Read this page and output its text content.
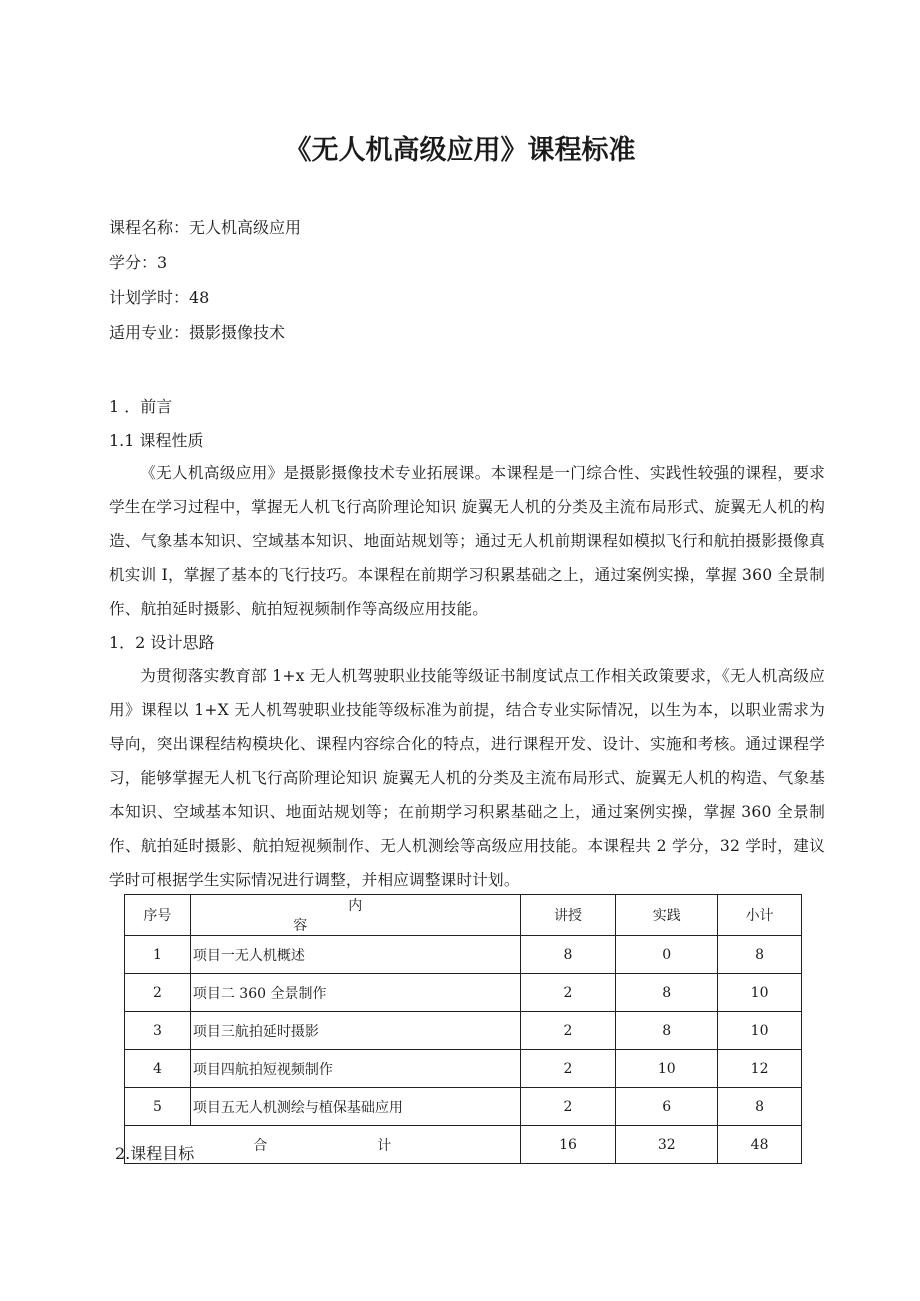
《无人机高级应用》课程标准
课程名称：无人机高级应用
学分：3
计划学时：48
适用专业：摄影摄像技术
1 ．前言
1.1 课程性质
《无人机高级应用》是摄影摄像技术专业拓展课。本课程是一门综合性、实践性较强的课程，要求学生在学习过程中，掌握无人机飞行高阶理论知识 旋翼无人机的分类及主流布局形式、旋翼无人机的构造、气象基本知识、空域基本知识、地面站规划等；通过无人机前期课程如模拟飞行和航拍摄影摄像真机实训 I，掌握了基本的飞行技巧。本课程在前期学习积累基础之上，通过案例实操，掌握 360 全景制作、航拍延时摄影、航拍短视频制作等高级应用技能。
1．2 设计思路
为贯彻落实教育部 1+x 无人机驾驶职业技能等级证书制度试点工作相关政策要求，《无人机高级应用》课程以 1+X 无人机驾驶职业技能等级标准为前提，结合专业实际情况，以生为本，以职业需求为导向，突出课程结构模块化、课程内容综合化的特点，进行课程开发、设计、实施和考核。通过课程学习，能够掌握无人机飞行高阶理论知识 旋翼无人机的分类及主流布局形式、旋翼无人机的构造、气象基本知识、空域基本知识、地面站规划等；在前期学习积累基础之上，通过案例实操，掌握 360 全景制作、航拍延时摄影、航拍短视频制作、无人机测绘等高级应用技能。本课程共 2 学分，32 学时，建议学时可根据学生实际情况进行调整，并相应调整课时计划。
序号	内容	讲授	实践	小计
1	项目一无人机概述	8	0	8
2	项目二 360 全景制作	2	8	10
3	项目三航拍延时摄影	2	8	10
4	项目四航拍短视频制作	2	10	12
5	项目五无人机测绘与植保基础应用	2	6	8
合计		16	32	48
2.课程目标
